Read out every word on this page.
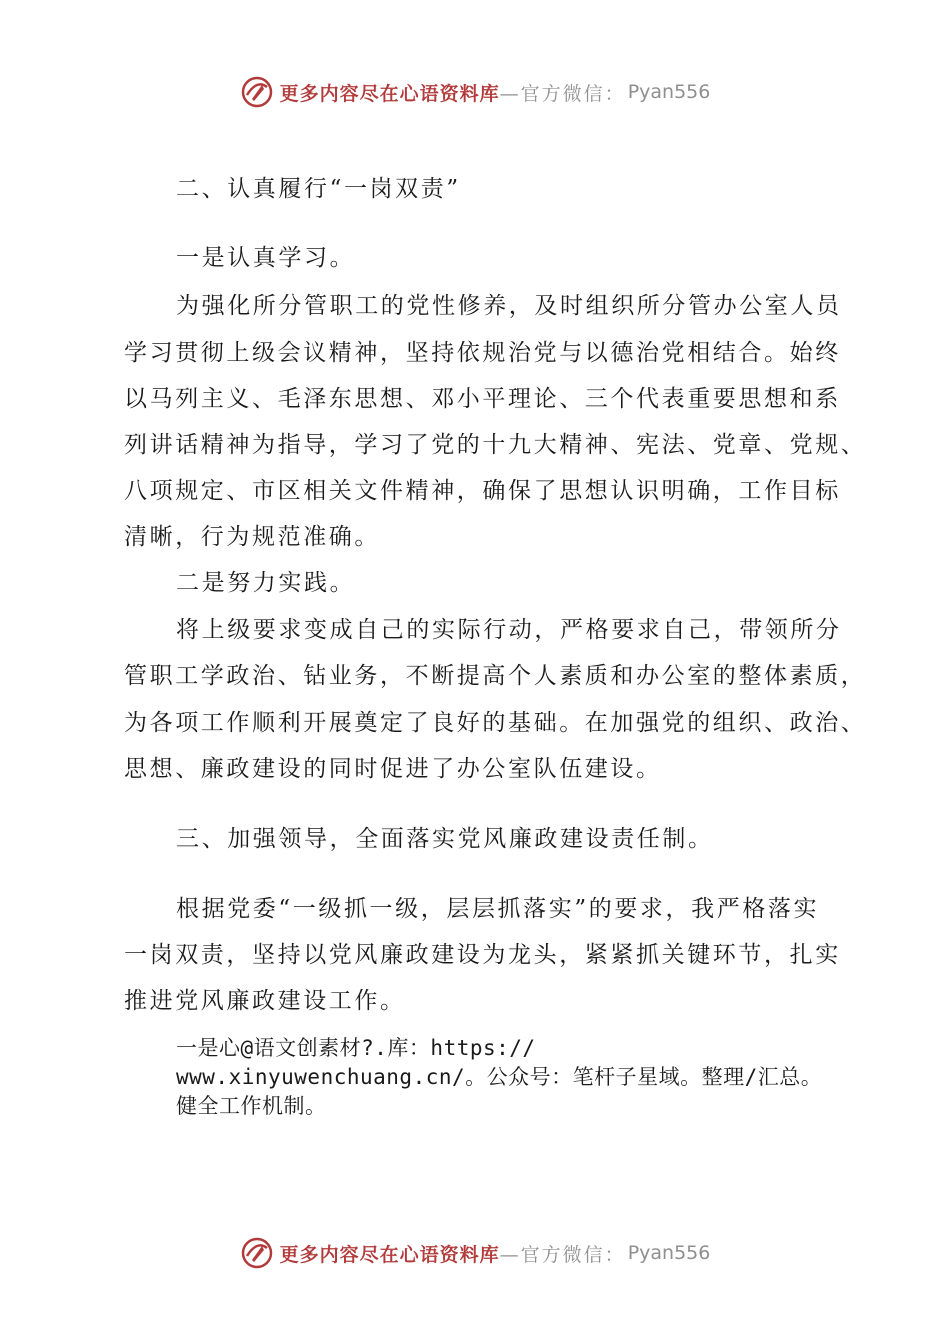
更多内容尽在心语资料库 —官方微信： Pyan556
二、认真履行“一岗双责”
一是认真学习。
为强化所分管职工的党性修养，及时组织所分管办公室人员
学习贯彻上级会议精神，坚持依规治党与以德治党相结合。始终
以马列主义、毛泽东思想、邓小平理论、三个代表重要思想和系
列讲话精神为指导，学习了党的十九大精神、宪法、党章、党规、
八项规定、市区相关文件精神，确保了思想认识明确，工作目标
清晰，行为规范准确。
二是努力实践。
将上级要求变成自己的实际行动，严格要求自己，带领所分
管职工学政治、钻业务，不断提高个人素质和办公室的整体素质，
为各项工作顺利开展奠定了良好的基础。在加强党的组织、政治、
思想、廉政建设的同时促进了办公室队伍建设。
三、加强领导，全面落实党风廉政建设责任制。
根据党委“一级抓一级，层层抓落实”的要求，我严格落实
一岗双责，坚持以党风廉政建设为龙头，紧紧抓关键环节，扎实
推进党风廉政建设工作。
一是心@语文创素材?.库：https://
www.xinyuwenchuang.cn/。公众号：笔杆子星域。整理/汇总。
健全工作机制。
更多内容尽在心语资料库 —官方微信： Pyan556
